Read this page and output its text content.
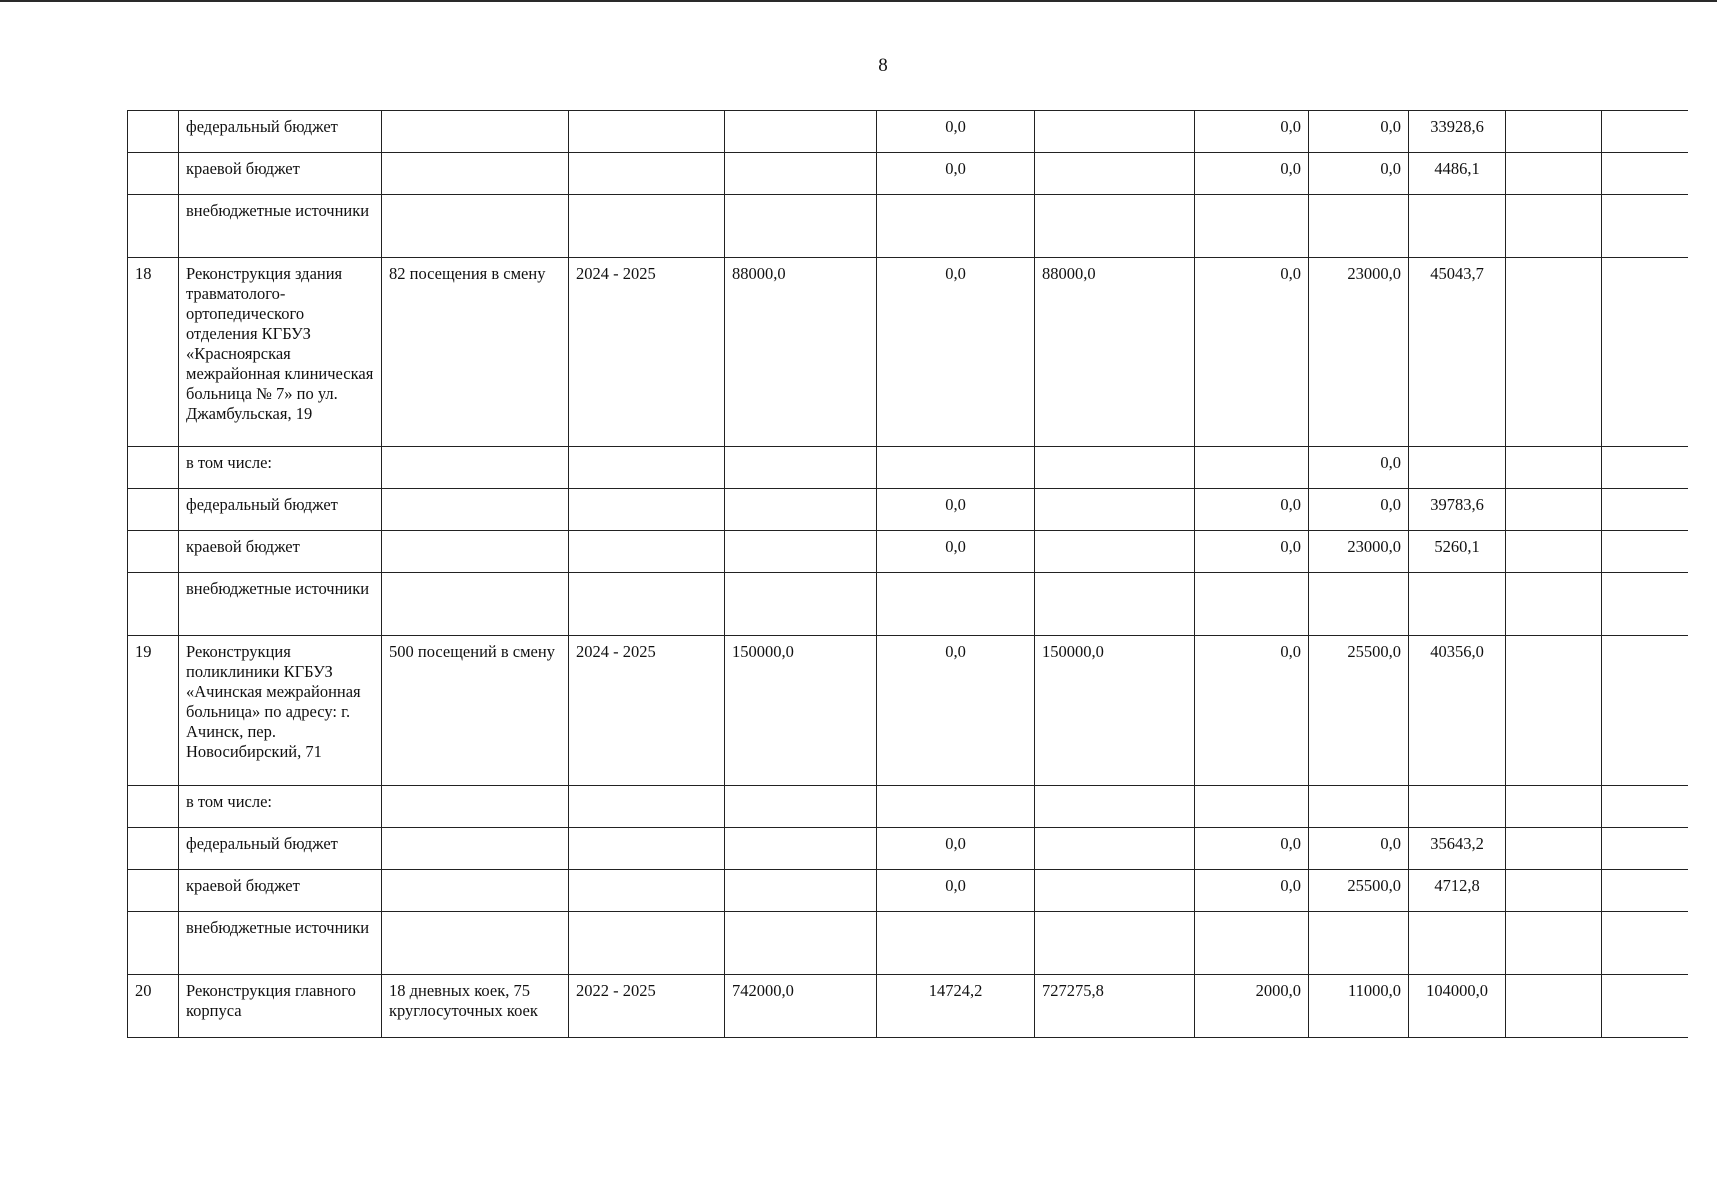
8
	федеральный бюджет				0,0		0,0	0,0	33928,6		
	краевой бюджет				0,0		0,0	0,0	4486,1		
	внебюджетные источники										
18	Реконструкция здания травматолого-ортопедического отделения КГБУЗ «Красноярская межрайонная клиническая больница № 7» по ул. Джамбульская, 19	82 посещения в смену	2024 - 2025	88000,0	0,0	88000,0	0,0	23000,0	45043,7		
	в том числе:							0,0			
	федеральный бюджет				0,0		0,0	0,0	39783,6		
	краевой бюджет				0,0		0,0	23000,0	5260,1		
	внебюджетные источники										
19	Реконструкция поликлиники КГБУЗ «Ачинская межрайонная больница» по адресу: г. Ачинск, пер. Новосибирский, 71	500 посещений в смену	2024 - 2025	150000,0	0,0	150000,0	0,0	25500,0	40356,0		
	в том числе:										
	федеральный бюджет				0,0		0,0	0,0	35643,2		
	краевой бюджет				0,0		0,0	25500,0	4712,8		
	внебюджетные источники										
20	Реконструкция главного корпуса	18 дневных коек, 75 круглосуточных коек	2022 - 2025	742000,0	14724,2	727275,8	2000,0	11000,0	104000,0		
